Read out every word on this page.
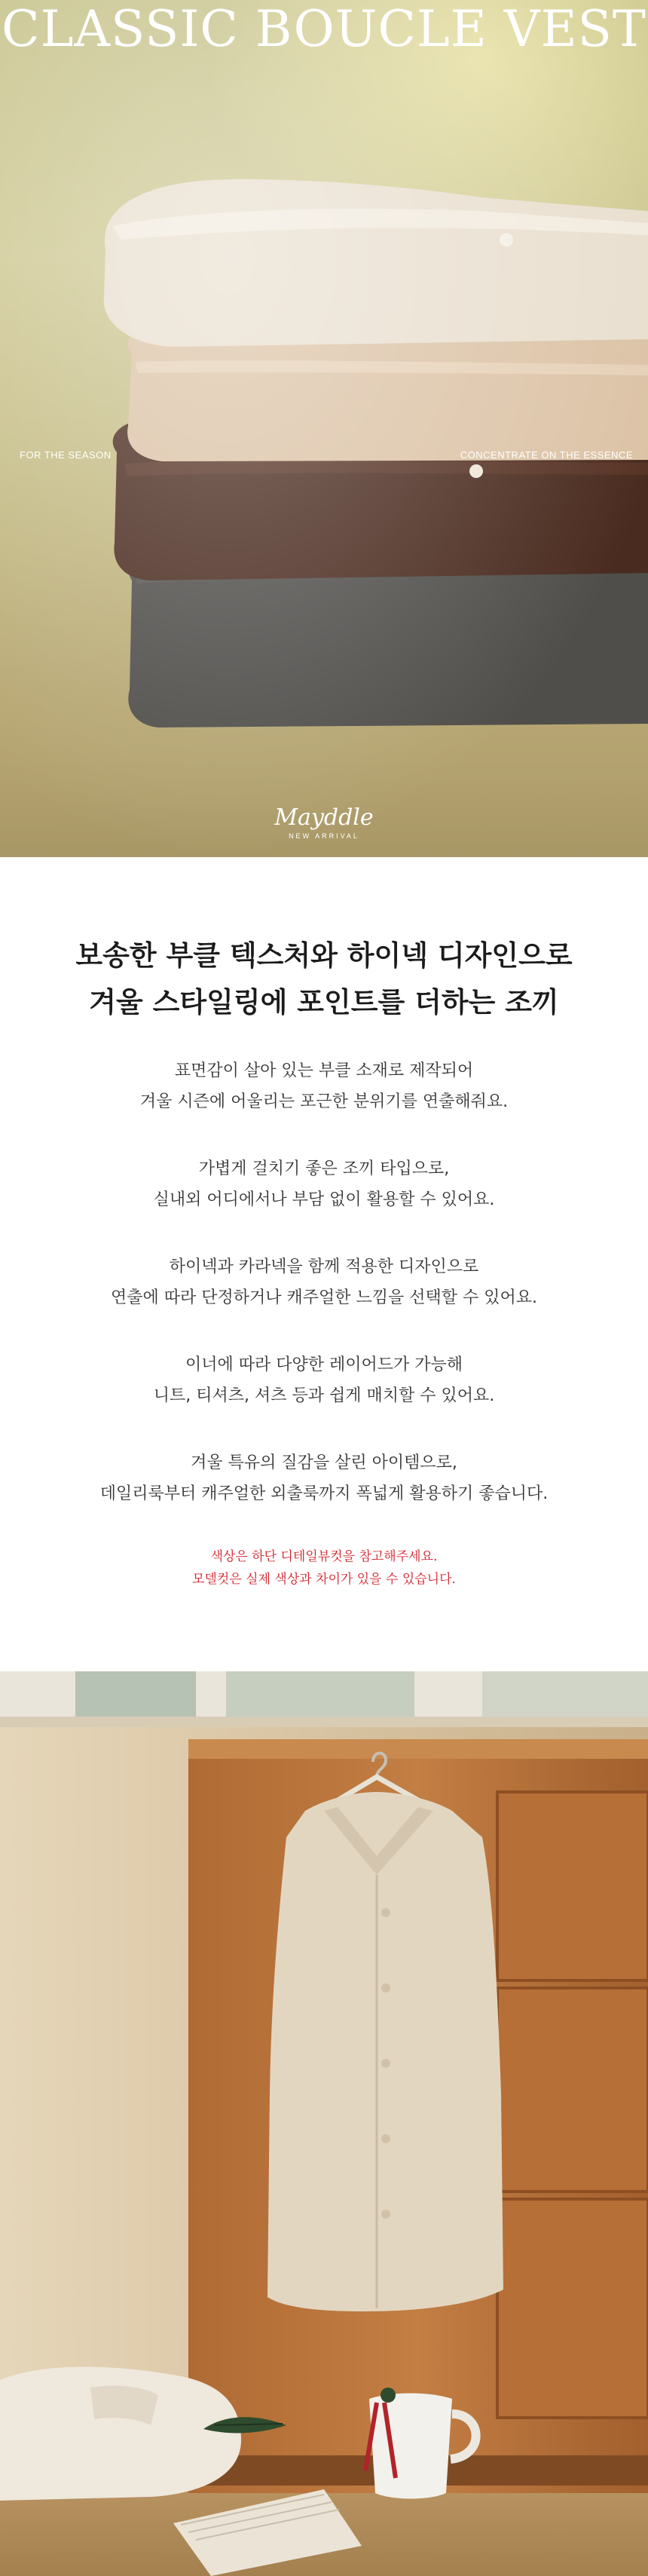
CLASSIC BOUCLE VEST
FOR THE SEASON	CONCENTRATE ON THE ESSENCE
Mayddle
NEW ARRIVAL
보송한 부클 텍스처와 하이넥 디자인으로
겨울 스타일링에 포인트를 더하는 조끼

표면감이 살아 있는 부클 소재로 제작되어
겨울 시즌에 어울리는 포근한 분위기를 연출해줘요.

가볍게 걸치기 좋은 조끼 타입으로,
실내외 어디에서나 부담 없이 활용할 수 있어요.

하이넥과 카라넥을 함께 적용한 디자인으로
연출에 따라 단정하거나 캐주얼한 느낌을 선택할 수 있어요.

이너에 따라 다양한 레이어드가 가능해
니트, 티셔츠, 셔츠 등과 쉽게 매치할 수 있어요.

겨울 특유의 질감을 살린 아이템으로,
데일리룩부터 캐주얼한 외출룩까지 폭넓게 활용하기 좋습니다.

색상은 하단 디테일뷰컷을 참고해주세요.
모델컷은 실제 색상과 차이가 있을 수 있습니다.
